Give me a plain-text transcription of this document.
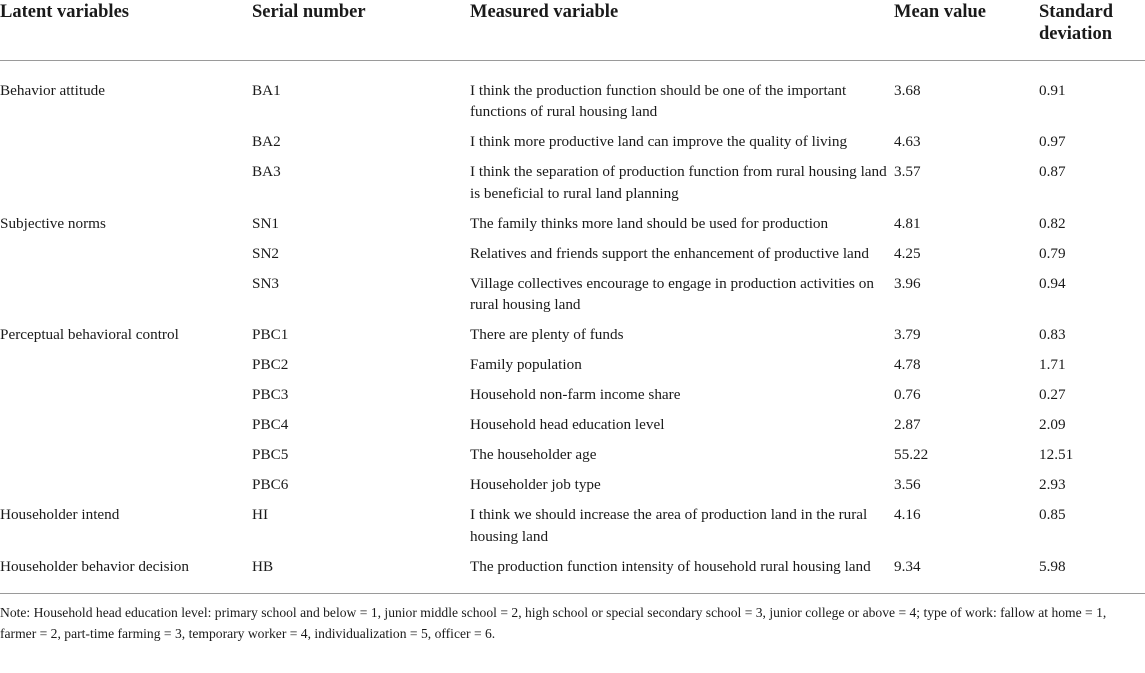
Latent variables	Serial number	Measured variable	Mean value	Standard deviation
Behavior attitude	BA1	I think the production function should be one of the important functions of rural housing land	3.68	0.91
	BA2	I think more productive land can improve the quality of living	4.63	0.97
	BA3	I think the separation of production function from rural housing land is beneficial to rural land planning	3.57	0.87
Subjective norms	SN1	The family thinks more land should be used for production	4.81	0.82
	SN2	Relatives and friends support the enhancement of productive land	4.25	0.79
	SN3	Village collectives encourage to engage in production activities on rural housing land	3.96	0.94
Perceptual behavioral control	PBC1	There are plenty of funds	3.79	0.83
	PBC2	Family population	4.78	1.71
	PBC3	Household non-farm income share	0.76	0.27
	PBC4	Household head education level	2.87	2.09
	PBC5	The householder age	55.22	12.51
	PBC6	Householder job type	3.56	2.93
Householder intend	HI	I think we should increase the area of production land in the rural housing land	4.16	0.85
Householder behavior decision	HB	The production function intensity of household rural housing land	9.34	5.98
Note: Household head education level: primary school and below = 1, junior middle school = 2, high school or special secondary school = 3, junior college or above = 4; type of work: fallow at home = 1, farmer = 2, part-time farming = 3, temporary worker = 4, individualization = 5, officer = 6.
